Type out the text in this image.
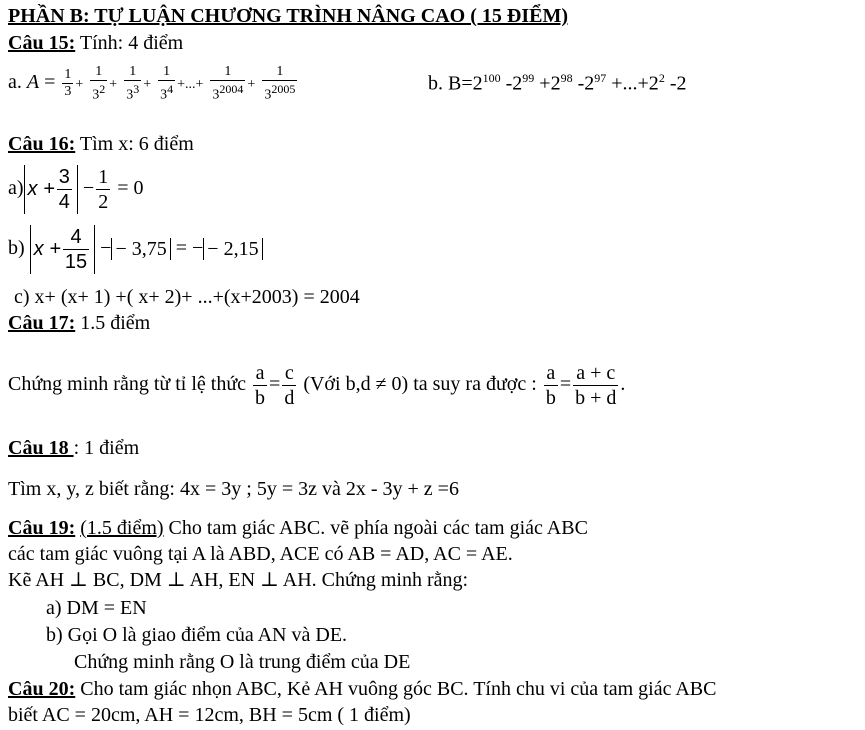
PHẦN B: TỰ LUẬN CHƯƠNG TRÌNH NÂNG CAO ( 15 ĐIỂM)
Câu 15: Tính: 4 điểm
a. $A = \frac{1}{3} + \frac{1}{3^2} + \frac{1}{3^3} + \frac{1}{3^4}$ +...+ $\frac{1}{3^{2004}} + \frac{1}{3^{2005}}$	b. $B=2^{100}$ $-2^{99} +2^{98}$ $-2^{97} +...+2^2$ -2
Câu 16: Tìm x: 6 điểm
a) $x + \frac{3}{4} - \frac{1}{2} = 0$
b) $x + \frac{4}{15}$ − − 3,75 = − − 2,15
c) x+ (x+ 1) +( x+ 2)+ ...+(x+2003) = 2004
Câu 17: 1.5 điểm
Chứng minh rằng từ tỉ lệ thức $\frac{a}{b} = \frac{c}{d}$ (Với b,d ≠ 0) ta suy ra được : $\frac{a}{b} = \frac{a + c}{b + d}$ .
Câu 18 : 1 điểm
Tìm x, y, z biết rằng: 4x = 3y ; 5y = 3z và 2x - 3y + z =6
Câu 19: (1.5 điểm) Cho tam giác ABC. vẽ phía ngoài các tam giác ABC
các tam giác vuông tại A là ABD, ACE có AB = AD, AC = AE.
Kẽ AH ⊥ BC, DM ⊥ AH, EN ⊥ AH. Chứng minh rằng:
a) DM = EN
b) Gọi O là giao điểm của AN và DE.
Chứng minh rằng O là trung điểm của DE
Câu 20: Cho tam giác nhọn ABC, Kẻ AH vuông góc BC. Tính chu vi của tam giác ABC
biết AC = 20cm, AH = 12cm, BH = 5cm ( 1 điểm)
